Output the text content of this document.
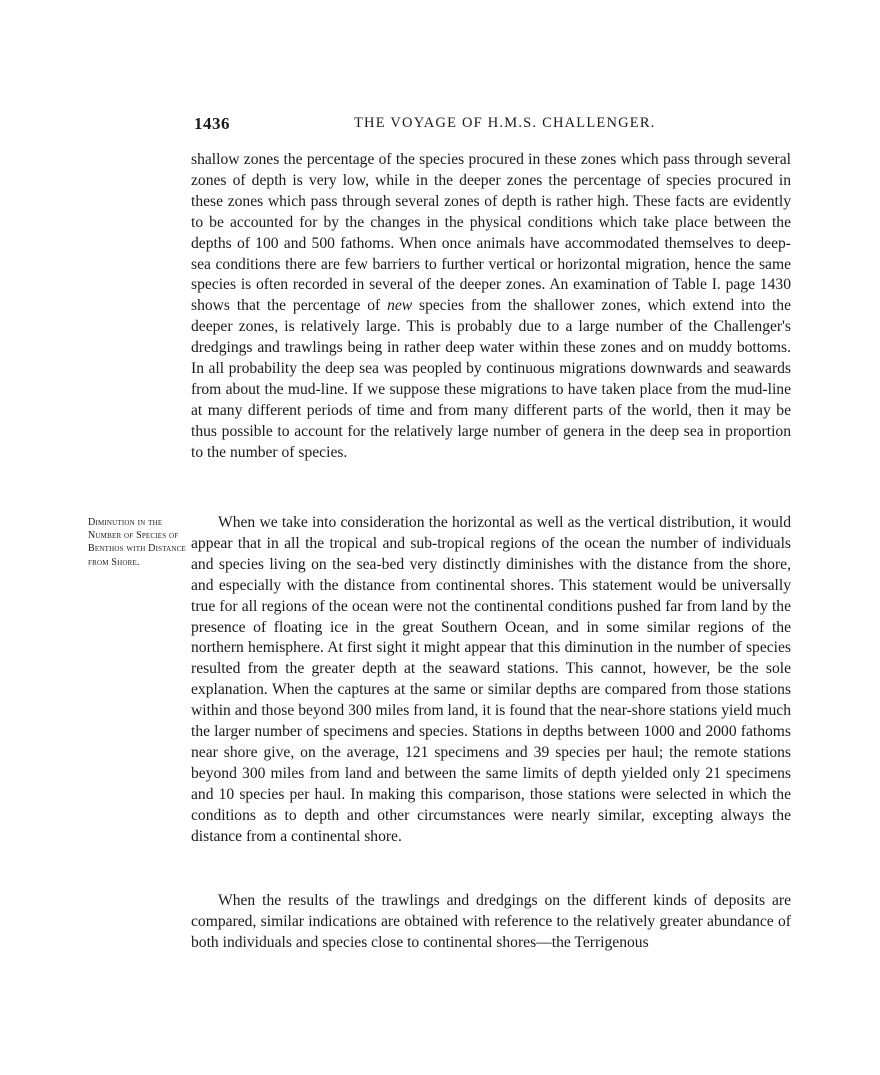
1436	THE VOYAGE OF H.M.S. CHALLENGER.

shallow zones the percentage of the species procured in these zones which pass through several zones of depth is very low, while in the deeper zones the percentage of species procured in these zones which pass through several zones of depth is rather high. These facts are evidently to be accounted for by the changes in the physical conditions which take place between the depths of 100 and 500 fathoms. When once animals have accommodated themselves to deep-sea conditions there are few barriers to further vertical or horizontal migration, hence the same species is often recorded in several of the deeper zones. An examination of Table I. page 1430 shows that the percentage of new species from the shallower zones, which extend into the deeper zones, is relatively large. This is probably due to a large number of the Challenger's dredgings and trawlings being in rather deep water within these zones and on muddy bottoms. In all probability the deep sea was peopled by continuous migrations downwards and seawards from about the mud-line. If we suppose these migrations to have taken place from the mud-line at many different periods of time and from many different parts of the world, then it may be thus possible to account for the relatively large number of genera in the deep sea in proportion to the number of species.

Diminution in the Number of Species of Benthos with Distance from Shore.

When we take into consideration the horizontal as well as the vertical distribution, it would appear that in all the tropical and sub-tropical regions of the ocean the number of individuals and species living on the sea-bed very distinctly diminishes with the distance from the shore, and especially with the distance from continental shores. This statement would be universally true for all regions of the ocean were not the continental conditions pushed far from land by the presence of floating ice in the great Southern Ocean, and in some similar regions of the northern hemisphere. At first sight it might appear that this diminution in the number of species resulted from the greater depth at the seaward stations. This cannot, however, be the sole explanation. When the captures at the same or similar depths are compared from those stations within and those beyond 300 miles from land, it is found that the near-shore stations yield much the larger number of specimens and species. Stations in depths between 1000 and 2000 fathoms near shore give, on the average, 121 specimens and 39 species per haul; the remote stations beyond 300 miles from land and between the same limits of depth yielded only 21 specimens and 10 species per haul. In making this comparison, those stations were selected in which the conditions as to depth and other circumstances were nearly similar, excepting always the distance from a continental shore.

When the results of the trawlings and dredgings on the different kinds of deposits are compared, similar indications are obtained with reference to the relatively greater abundance of both individuals and species close to continental shores—the Terrigenous
